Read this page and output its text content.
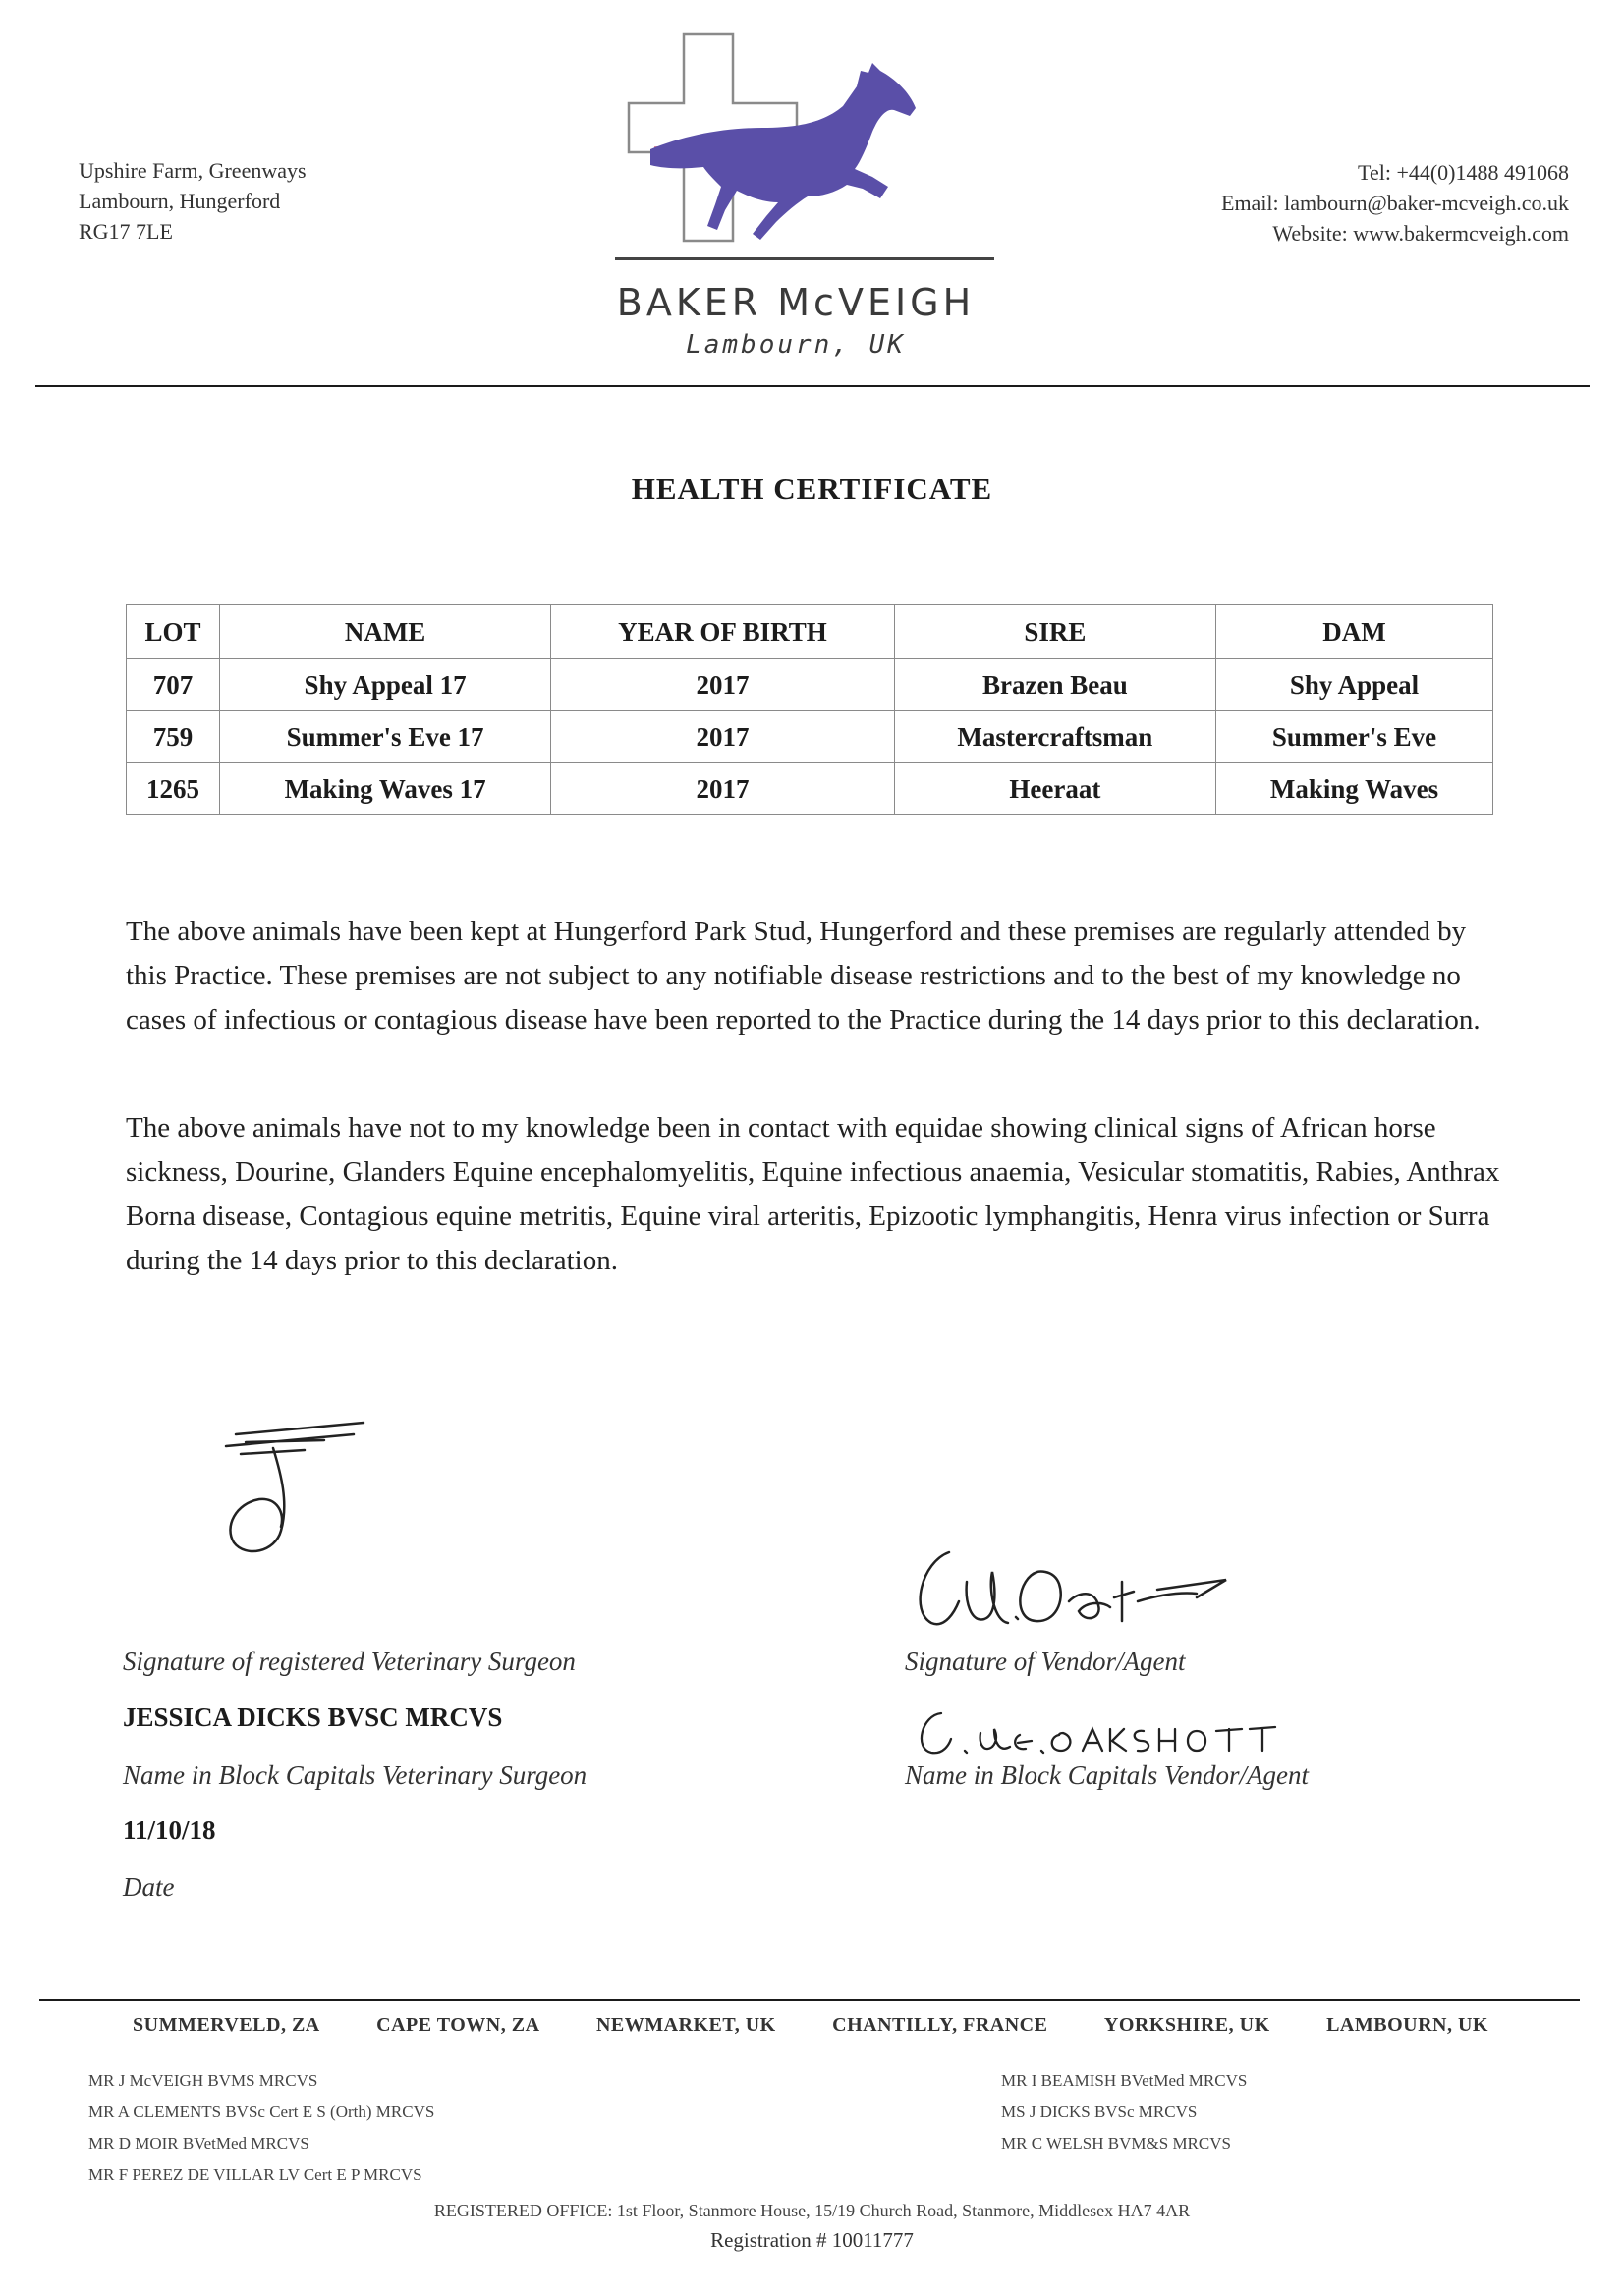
Upshire Farm, Greenways
Lambourn, Hungerford
RG17 7LE
BAKER McVEIGH
Lambourn, UK
Tel: +44(0)1488 491068
Email: lambourn@baker-mcveigh.co.uk
Website: www.bakermcveigh.com
HEALTH CERTIFICATE
LOT	NAME	YEAR OF BIRTH	SIRE	DAM
707	Shy Appeal 17	2017	Brazen Beau	Shy Appeal
759	Summer's Eve 17	2017	Mastercraftsman	Summer's Eve
1265	Making Waves 17	2017	Heeraat	Making Waves

The above animals have been kept at Hungerford Park Stud, Hungerford and these premises are regularly attended by this Practice. These premises are not subject to any notifiable disease restrictions and to the best of my knowledge no cases of infectious or contagious disease have been reported to the Practice during the 14 days prior to this declaration.

The above animals have not to my knowledge been in contact with equidae showing clinical signs of African horse sickness, Dourine, Glanders Equine encephalomyelitis, Equine infectious anaemia, Vesicular stomatitis, Rabies, Anthrax Borna disease, Contagious equine metritis, Equine viral arteritis, Epizootic lymphangitis, Henra virus infection or Surra during the 14 days prior to this declaration.

Signature of registered Veterinary Surgeon
JESSICA DICKS BVSC MRCVS
Name in Block Capitals Veterinary Surgeon
11/10/18
Date
Signature of Vendor/Agent
Name in Block Capitals Vendor/Agent
SUMMERVELD, ZA	CAPE TOWN, ZA	NEWMARKET, UK	CHANTILLY, FRANCE	YORKSHIRE, UK	LAMBOURN, UK
MR J McVEIGH BVMS MRCVS
MR A CLEMENTS BVSc Cert E S (Orth) MRCVS
MR D MOIR BVetMed MRCVS
MR F PEREZ DE VILLAR LV Cert E P MRCVS
MR I BEAMISH BVetMed MRCVS
MS J DICKS BVSc MRCVS
MR C WELSH BVM&S MRCVS
REGISTERED OFFICE: 1st Floor, Stanmore House, 15/19 Church Road, Stanmore, Middlesex HA7 4AR
Registration # 10011777
